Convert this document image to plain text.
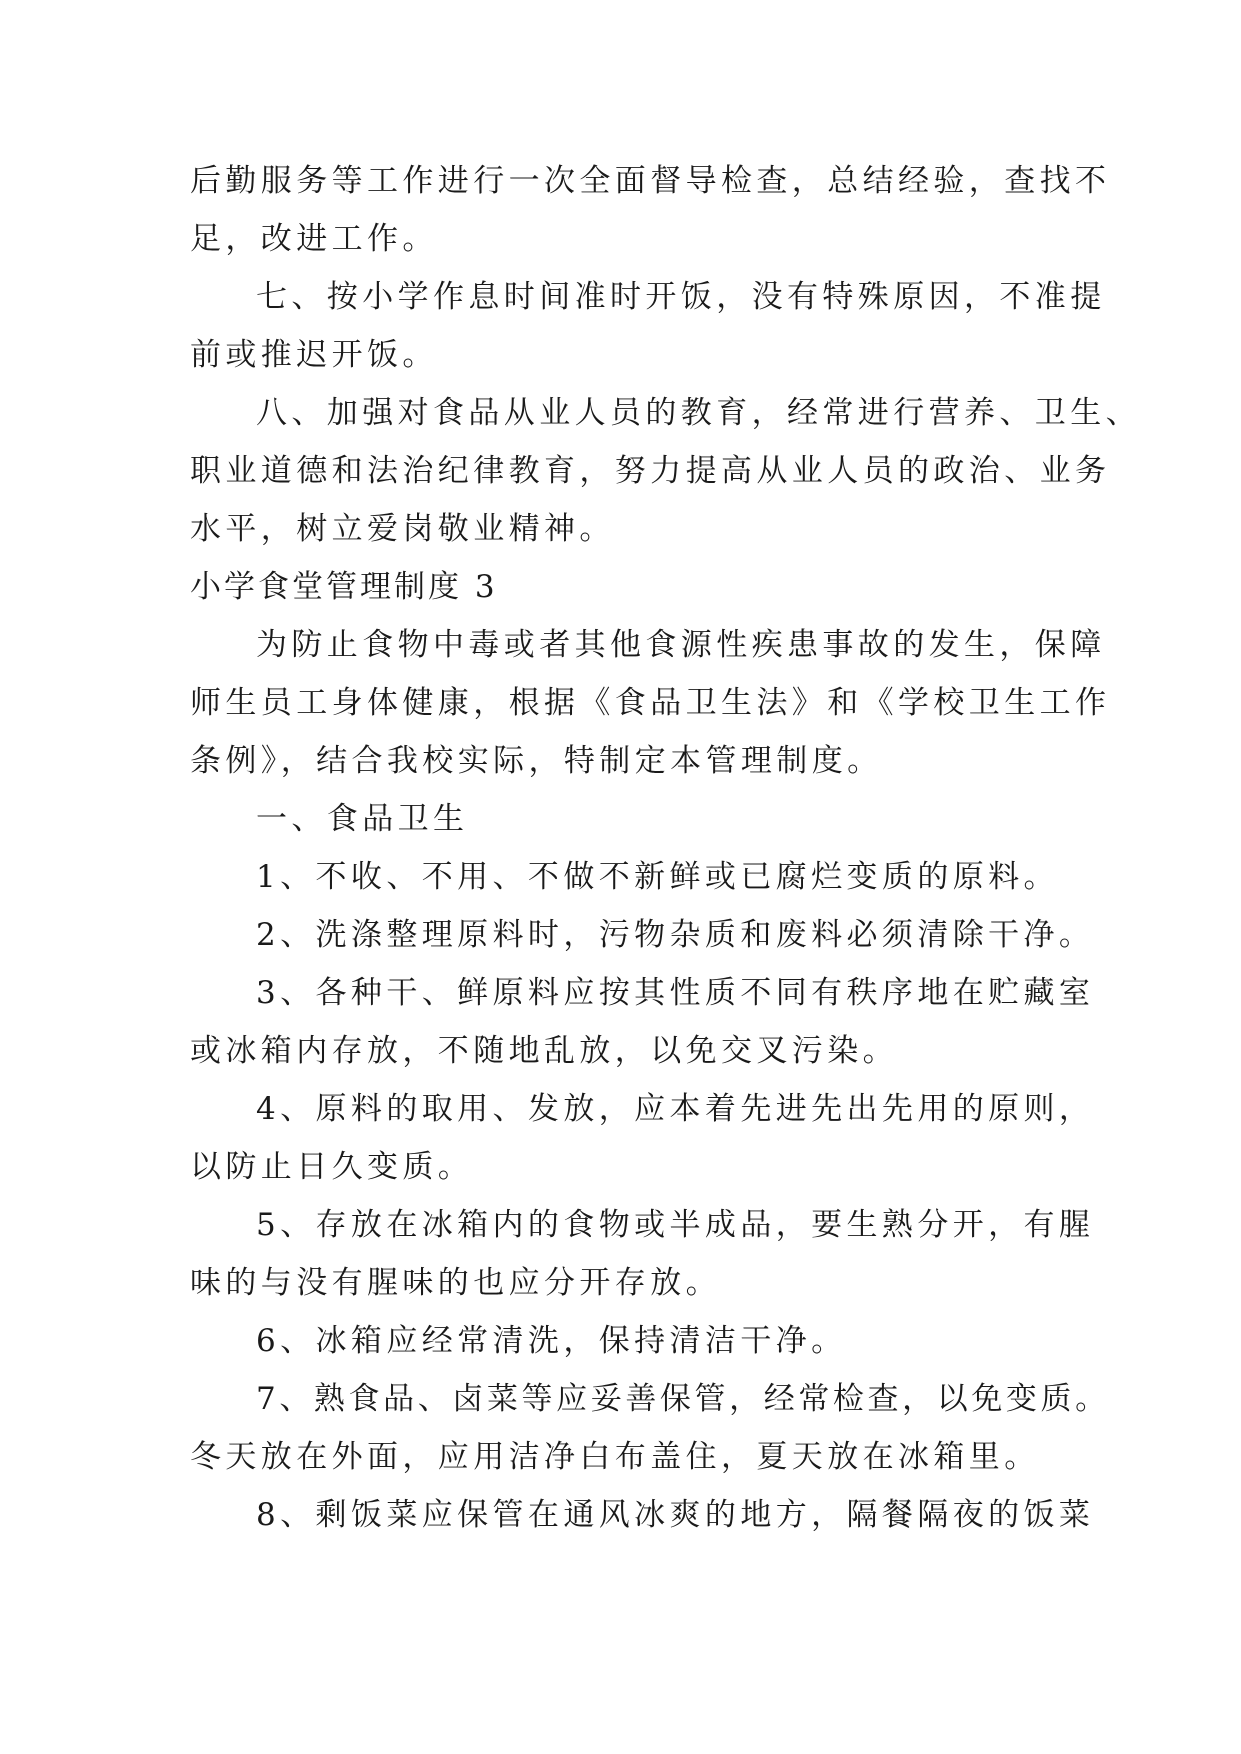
后勤服务等工作进行一次全面督导检查，总结经验，查找不
足，改进工作。
七、按小学作息时间准时开饭，没有特殊原因，不准提
前或推迟开饭。
八、加强对食品从业人员的教育，经常进行营养、卫生、
职业道德和法治纪律教育，努力提高从业人员的政治、业务
水平，树立爱岗敬业精神。
小学食堂管理制度 3
为防止食物中毒或者其他食源性疾患事故的发生，保障
师生员工身体健康，根据《食品卫生法》和《学校卫生工作
条例》，结合我校实际，特制定本管理制度。
一、食品卫生
1、不收、不用、不做不新鲜或已腐烂变质的原料。
2、洗涤整理原料时，污物杂质和废料必须清除干净。
3、各种干、鲜原料应按其性质不同有秩序地在贮藏室
或冰箱内存放，不随地乱放，以免交叉污染。
4、原料的取用、发放，应本着先进先出先用的原则，
以防止日久变质。
5、存放在冰箱内的食物或半成品，要生熟分开，有腥
味的与没有腥味的也应分开存放。
6、冰箱应经常清洗，保持清洁干净。
7、熟食品、卤菜等应妥善保管，经常检查，以免变质。
冬天放在外面，应用洁净白布盖住，夏天放在冰箱里。
8、剩饭菜应保管在通风冰爽的地方，隔餐隔夜的饭菜
